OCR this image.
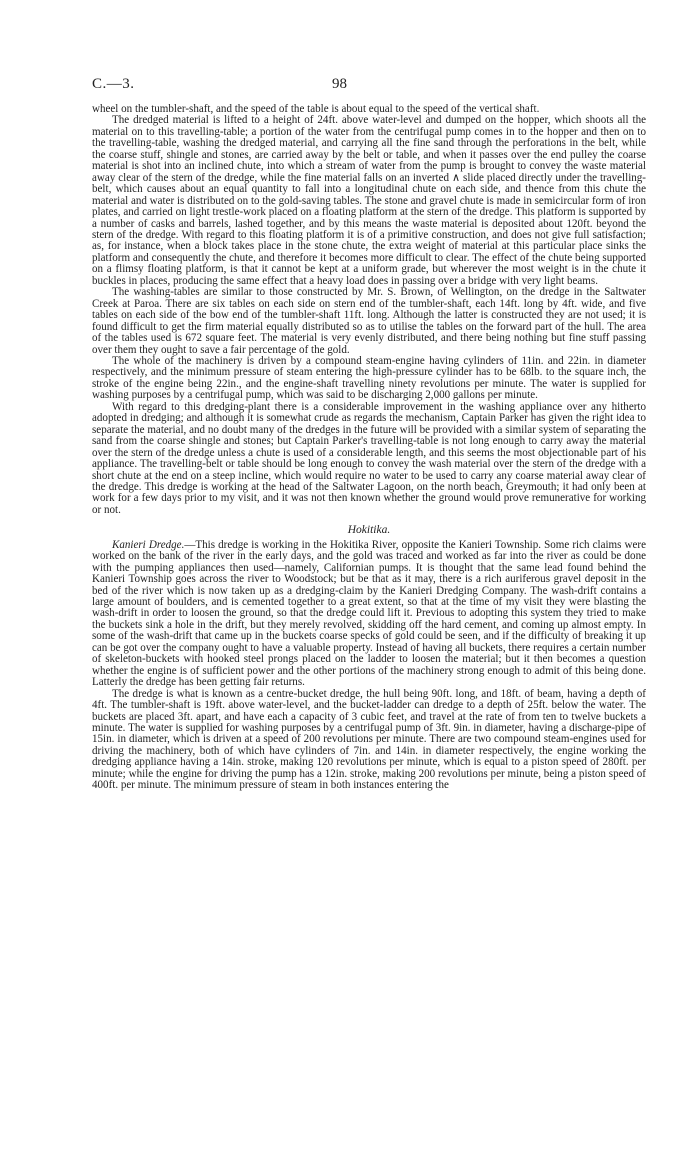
C.—3.	98

wheel on the tumbler-shaft, and the speed of the table is about equal to the speed of the vertical shaft.

The dredged material is lifted to a height of 24ft. above water-level and dumped on the hopper, which shoots all the material on to this travelling-table; a portion of the water from the centrifugal pump comes in to the hopper and then on to the travelling-table, washing the dredged material, and carrying all the fine sand through the perforations in the belt, while the coarse stuff, shingle and stones, are carried away by the belt or table, and when it passes over the end pulley the coarse material is shot into an inclined chute, into which a stream of water from the pump is brought to convey the waste material away clear of the stern of the dredge, while the fine material falls on an inverted ∧ slide placed directly under the travelling-belt, which causes about an equal quantity to fall into a longitudinal chute on each side, and thence from this chute the material and water is distributed on to the gold-saving tables. The stone and gravel chute is made in semicircular form of iron plates, and carried on light trestle-work placed on a floating platform at the stern of the dredge. This platform is supported by a number of casks and barrels, lashed together, and by this means the waste material is deposited about 120ft. beyond the stern of the dredge. With regard to this floating platform it is of a primitive construction, and does not give full satisfaction; as, for instance, when a block takes place in the stone chute, the extra weight of material at this particular place sinks the platform and consequently the chute, and therefore it becomes more difficult to clear. The effect of the chute being supported on a flimsy floating platform, is that it cannot be kept at a uniform grade, but wherever the most weight is in the chute it buckles in places, producing the same effect that a heavy load does in passing over a bridge with very light beams.

The washing-tables are similar to those constructed by Mr. S. Brown, of Wellington, on the dredge in the Saltwater Creek at Paroa. There are six tables on each side on stern end of the tumbler-shaft, each 14ft. long by 4ft. wide, and five tables on each side of the bow end of the tumbler-shaft 11ft. long. Although the latter is constructed they are not used; it is found difficult to get the firm material equally distributed so as to utilise the tables on the forward part of the hull. The area of the tables used is 672 square feet. The material is very evenly distributed, and there being nothing but fine stuff passing over them they ought to save a fair percentage of the gold.

The whole of the machinery is driven by a compound steam-engine having cylinders of 11in. and 22in. in diameter respectively, and the minimum pressure of steam entering the high-pressure cylinder has to be 68lb. to the square inch, the stroke of the engine being 22in., and the engine-shaft travelling ninety revolutions per minute. The water is supplied for washing purposes by a centrifugal pump, which was said to be discharging 2,000 gallons per minute.

With regard to this dredging-plant there is a considerable improvement in the washing appliance over any hitherto adopted in dredging; and although it is somewhat crude as regards the mechanism, Captain Parker has given the right idea to separate the material, and no doubt many of the dredges in the future will be provided with a similar system of separating the sand from the coarse shingle and stones; but Captain Parker's travelling-table is not long enough to carry away the material over the stern of the dredge unless a chute is used of a considerable length, and this seems the most objectionable part of his appliance. The travelling-belt or table should be long enough to convey the wash material over the stern of the dredge with a short chute at the end on a steep incline, which would require no water to be used to carry any coarse material away clear of the dredge. This dredge is working at the head of the Saltwater Lagoon, on the north beach, Greymouth; it had only been at work for a few days prior to my visit, and it was not then known whether the ground would prove remunerative for working or not.

Hokitika.

Kanieri Dredge.—This dredge is working in the Hokitika River, opposite the Kanieri Township. Some rich claims were worked on the bank of the river in the early days, and the gold was traced and worked as far into the river as could be done with the pumping appliances then used—namely, Californian pumps. It is thought that the same lead found behind the Kanieri Township goes across the river to Woodstock; but be that as it may, there is a rich auriferous gravel deposit in the bed of the river which is now taken up as a dredging-claim by the Kanieri Dredging Company. The wash-drift contains a large amount of boulders, and is cemented together to a great extent, so that at the time of my visit they were blasting the wash-drift in order to loosen the ground, so that the dredge could lift it. Previous to adopting this system they tried to make the buckets sink a hole in the drift, but they merely revolved, skidding off the hard cement, and coming up almost empty. In some of the wash-drift that came up in the buckets coarse specks of gold could be seen, and if the difficulty of breaking it up can be got over the company ought to have a valuable property. Instead of having all buckets, there requires a certain number of skeleton-buckets with hooked steel prongs placed on the ladder to loosen the material; but it then becomes a question whether the engine is of sufficient power and the other portions of the machinery strong enough to admit of this being done. Latterly the dredge has been getting fair returns.

The dredge is what is known as a centre-bucket dredge, the hull being 90ft. long, and 18ft. of beam, having a depth of 4ft. The tumbler-shaft is 19ft. above water-level, and the bucket-ladder can dredge to a depth of 25ft. below the water. The buckets are placed 3ft. apart, and have each a capacity of 3 cubic feet, and travel at the rate of from ten to twelve buckets a minute. The water is supplied for washing purposes by a centrifugal pump of 3ft. 9in. in diameter, having a discharge-pipe of 15in. in diameter, which is driven at a speed of 200 revolutions per minute. There are two compound steam-engines used for driving the machinery, both of which have cylinders of 7in. and 14in. in diameter respectively, the engine working the dredging appliance having a 14in. stroke, making 120 revolutions per minute, which is equal to a piston speed of 280ft. per minute; while the engine for driving the pump has a 12in. stroke, making 200 revolutions per minute, being a piston speed of 400ft. per minute. The minimum pressure of steam in both instances entering the
